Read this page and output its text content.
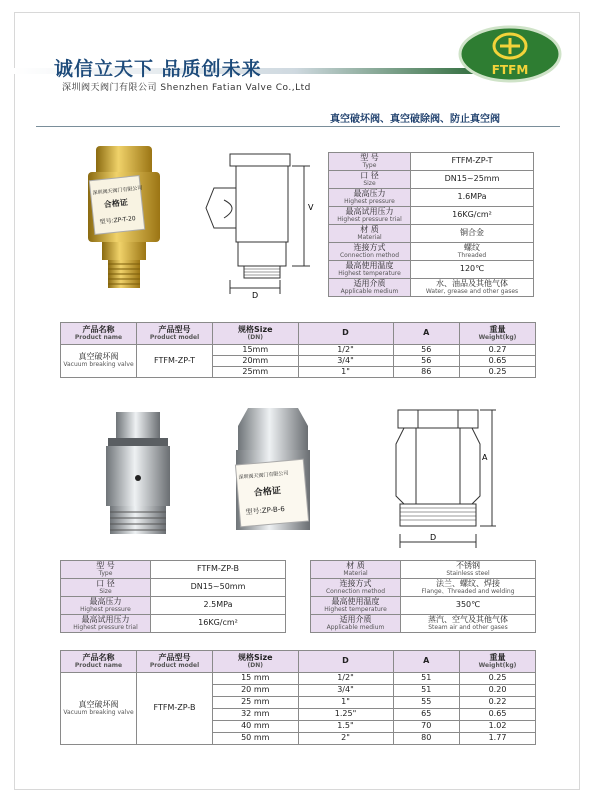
诚信立天下 品质创未来
深圳阀天阀门有限公司 Shenzhen Fatian Valve Co.,Ltd
FTFM
真空破坏阀、真空破除阀、防止真空阀
深圳阀天阀门有限公司
合格证
型号:ZP-T-20
V
D
型 号
Type	FTFM-ZP-T
口 径
Size	DN15~25mm
最高压力
Highest pressure	1.6MPa
最高试用压力
Highest pressure trial	16KG/cm²
材 质
Material	铜合金
连接方式
Connection method	螺纹
Threaded

最高使用温度
Highest temperature	120℃
适用介质
Applicable medium	水、油品及其他气体
Water, grease and other gases
产品名称
Product name	产品型号
Product model	规格Size
(DN)	D	A	重量
Weight(kg)

真空破坏阀
Vacuum breaking valve	FTFM-ZP-T	15mm	1/2"	56	0.27
		20mm	3/4"	56	0.65
		25mm	1"	86	0.25
深圳阀天阀门有限公司
合格证
型号:ZP-B-6
A
D
型 号
Type	FTFM-ZP-B
口 径
Size	DN15~50mm
最高压力
Highest pressure	2.5MPa
最高试用压力
Highest pressure trial	16KG/cm²
材 质
Material	不锈钢
Stainless steel

连接方式
Connection method	法兰、螺纹、焊接
Flange、Threaded and welding

最高使用温度
Highest temperature	350℃
适用介质
Applicable medium	蒸汽、空气及其他气体
Steam air and other gases
产品名称
Product name	产品型号
Product model	规格Size
(DN)	D	A	重量
Weight(kg)

真空破坏阀
Vacuum breaking valve	FTFM-ZP-B	15 mm	1/2"	51	0.25
		20 mm	3/4"	51	0.20
		25 mm	1"	55	0.22
		32 mm	1.25"	65	0.65
		40 mm	1.5"	70	1.02
		50 mm	2"	80	1.77
